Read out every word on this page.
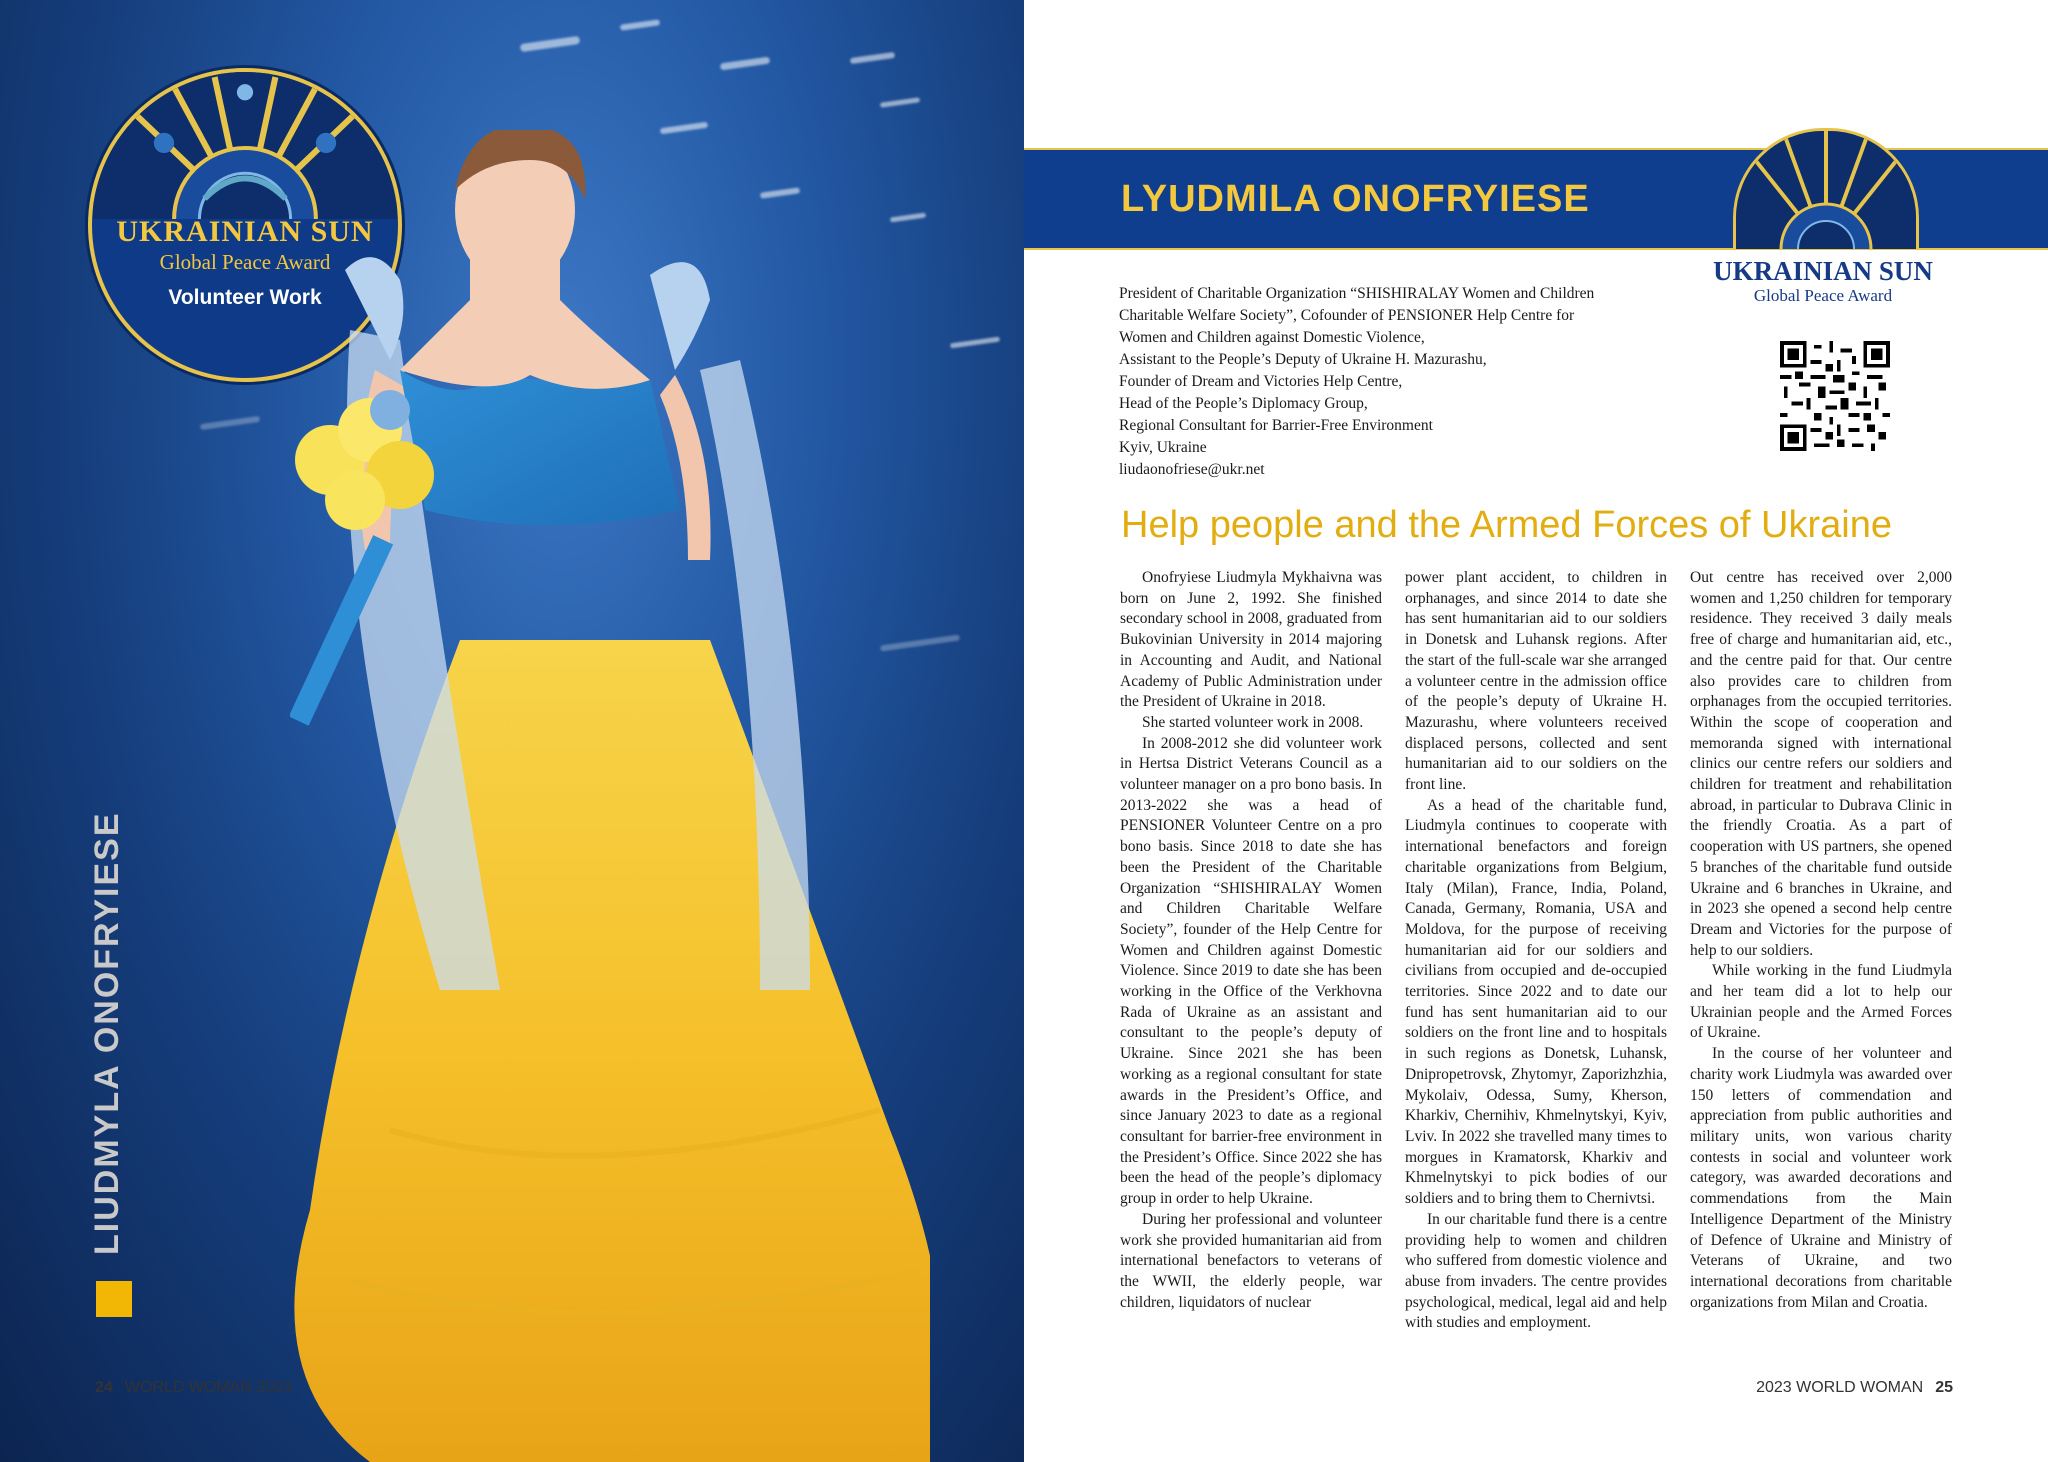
UKRAINIAN SUN
Global Peace Award
Volunteer Work
LIUDMYLA ONOFRYIESE
24 WORLD WOMAN 2023
LYUDMILA ONOFRYIESE
UKRAINIAN SUN
Global Peace Award
President of Charitable Organization “SHISHIRALAY Women and Children
Charitable Welfare Society”, Cofounder of PENSIONER Help Centre for
Women and Children against Domestic Violence,
Assistant to the People’s Deputy of Ukraine H. Mazurashu,
Founder of Dream and Victories Help Centre,
Head of the People’s Diplomacy Group,
Regional Consultant for Barrier-Free Environment
Kyiv, Ukraine
liudaonofriese@ukr.net
Help people and the Armed Forces of Ukraine

Onofryiese Liudmyla Mykhaivna was born on June 2, 1992. She finished secondary school in 2008, graduated from Bukovinian University in 2014 majoring in Accounting and Audit, and National Academy of Public Administration under the President of Ukraine in 2018.

She started volunteer work in 2008.

In 2008-2012 she did volunteer work in Hertsa District Veterans Council as a volunteer manager on a pro bono basis. In 2013-2022 she was a head of PENSIONER Volunteer Centre on a pro bono basis. Since 2018 to date she has been the President of the Charitable Organization “SHISHIRALAY Women and Children Charitable Welfare Society”, founder of the Help Centre for Women and Children against Domestic Violence. Since 2019 to date she has been working in the Office of the Verkhovna Rada of Ukraine as an assistant and consultant to the people’s deputy of Ukraine. Since 2021 she has been working as a regional consultant for state awards in the President’s Office, and since January 2023 to date as a regional consultant for barrier-free environment in the President’s Office. Since 2022 she has been the head of the people’s diplomacy group in order to help Ukraine.

During her professional and volunteer work she provided humanitarian aid from international benefactors to veterans of the WWII, the elderly people, war children, liquidators of nuclear

power plant accident, to children in orphanages, and since 2014 to date she has sent humanitarian aid to our soldiers in Donetsk and Luhansk regions. After the start of the full-scale war she arranged a volunteer centre in the admission office of the people’s deputy of Ukraine H. Mazurashu, where volunteers received displaced persons, collected and sent humanitarian aid to our soldiers on the front line.

As a head of the charitable fund, Liudmyla continues to cooperate with international benefactors and foreign charitable organizations from Belgium, Italy (Milan), France, India, Poland, Canada, Germany, Romania, USA and Moldova, for the purpose of receiving humanitarian aid for our soldiers and civilians from occupied and de-occupied territories. Since 2022 and to date our fund has sent humanitarian aid to our soldiers on the front line and to hospitals in such regions as Donetsk, Luhansk, Dnipropetrovsk, Zhytomyr, Zaporizhzhia, Mykolaiv, Odessa, Sumy, Kherson, Kharkiv, Chernihiv, Khmelnytskyi, Kyiv, Lviv. In 2022 she travelled many times to morgues in Kramatorsk, Kharkiv and Khmelnytskyi to pick bodies of our soldiers and to bring them to Chernivtsi.

In our charitable fund there is a centre providing help to women and children who suffered from domestic violence and abuse from invaders. The centre provides psychological, medical, legal aid and help with studies and employment.

Out centre has received over 2,000 women and 1,250 children for temporary residence. They received 3 daily meals free of charge and humanitarian aid, etc., and the centre paid for that. Our centre also provides care to children from orphanages from the occupied territories. Within the scope of cooperation and memoranda signed with international clinics our centre refers our soldiers and children for treatment and rehabilitation abroad, in particular to Dubrava Clinic in the friendly Croatia. As a part of cooperation with US partners, she opened 5 branches of the charitable fund outside Ukraine and 6 branches in Ukraine, and in 2023 she opened a second help centre Dream and Victories for the purpose of help to our soldiers.

While working in the fund Liudmyla and her team did a lot to help our Ukrainian people and the Armed Forces of Ukraine.

In the course of her volunteer and charity work Liudmyla was awarded over 150 letters of commendation and appreciation from public authorities and military units, won various charity contests in social and volunteer work category, was awarded decorations and commendations from the Main Intelligence Department of the Ministry of Defence of Ukraine and Ministry of Veterans of Ukraine, and two international decorations from charitable organizations from Milan and Croatia.

2023 WORLD WOMAN 25
